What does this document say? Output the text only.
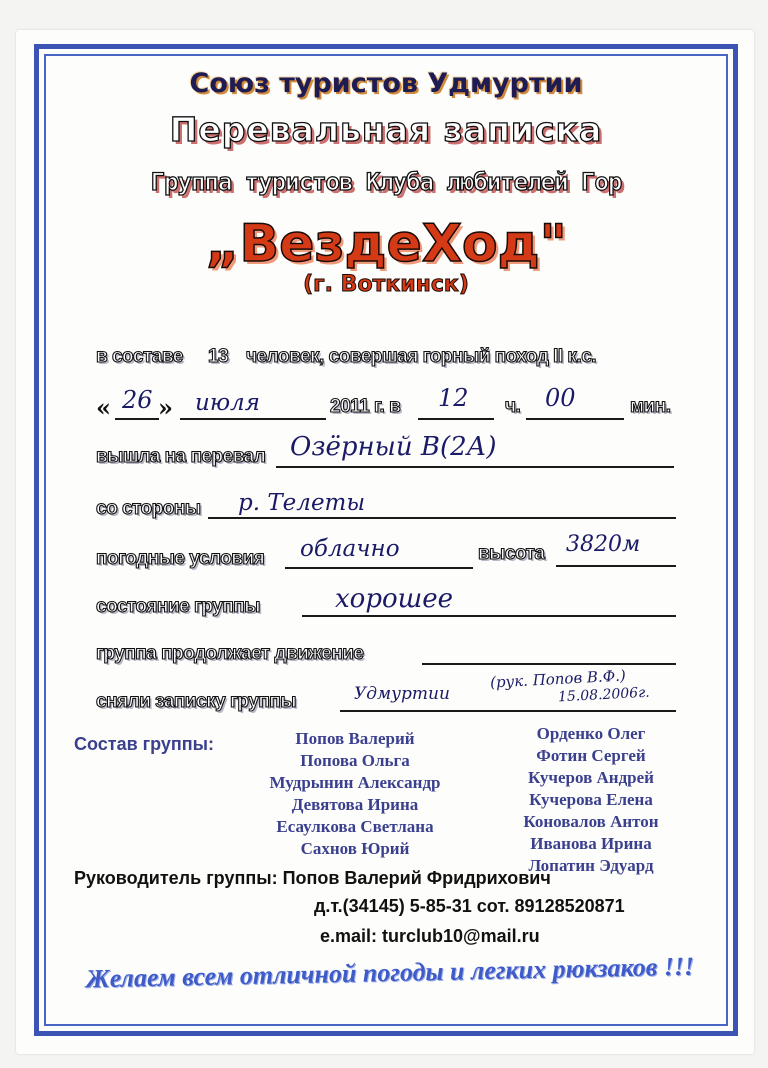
Союз туристов Удмуртии
Перевальная записка
Группа туристов Клуба любителей Гор
„ВездеХод"
(г. Воткинск)
в составе 13 человек, совершая горный поход II к.с.
« 26 » июля	2011 г. в 12 ч. 00	мин.
вышла на перевал Озёрный В(2А)
со стороны р. Телеты
погодные условия облачно	высота 3820м
состояние группы	хорошее
группа продолжает движение
сняли записку группы	Удмуртии
(рук. Попов В.Ф.)
15.08.2006г.
Состав группы:	Попов Валерий
Попова Ольга
Мудрынин Александр
Девятова Ирина
Есаулкова Светлана
Сахнов Юрий
Орденко Олег
Фотин Сергей
Кучеров Андрей
Кучерова Елена
Коновалов Антон
Иванова Ирина
Лопатин Эдуард
Руководитель группы: Попов Валерий Фридрихович
д.т.(34145) 5-85-31 сот. 89128520871
e.mail: turclub10@mail.ru
Желаем всем отличной погоды и легких рюкзаков !!!
